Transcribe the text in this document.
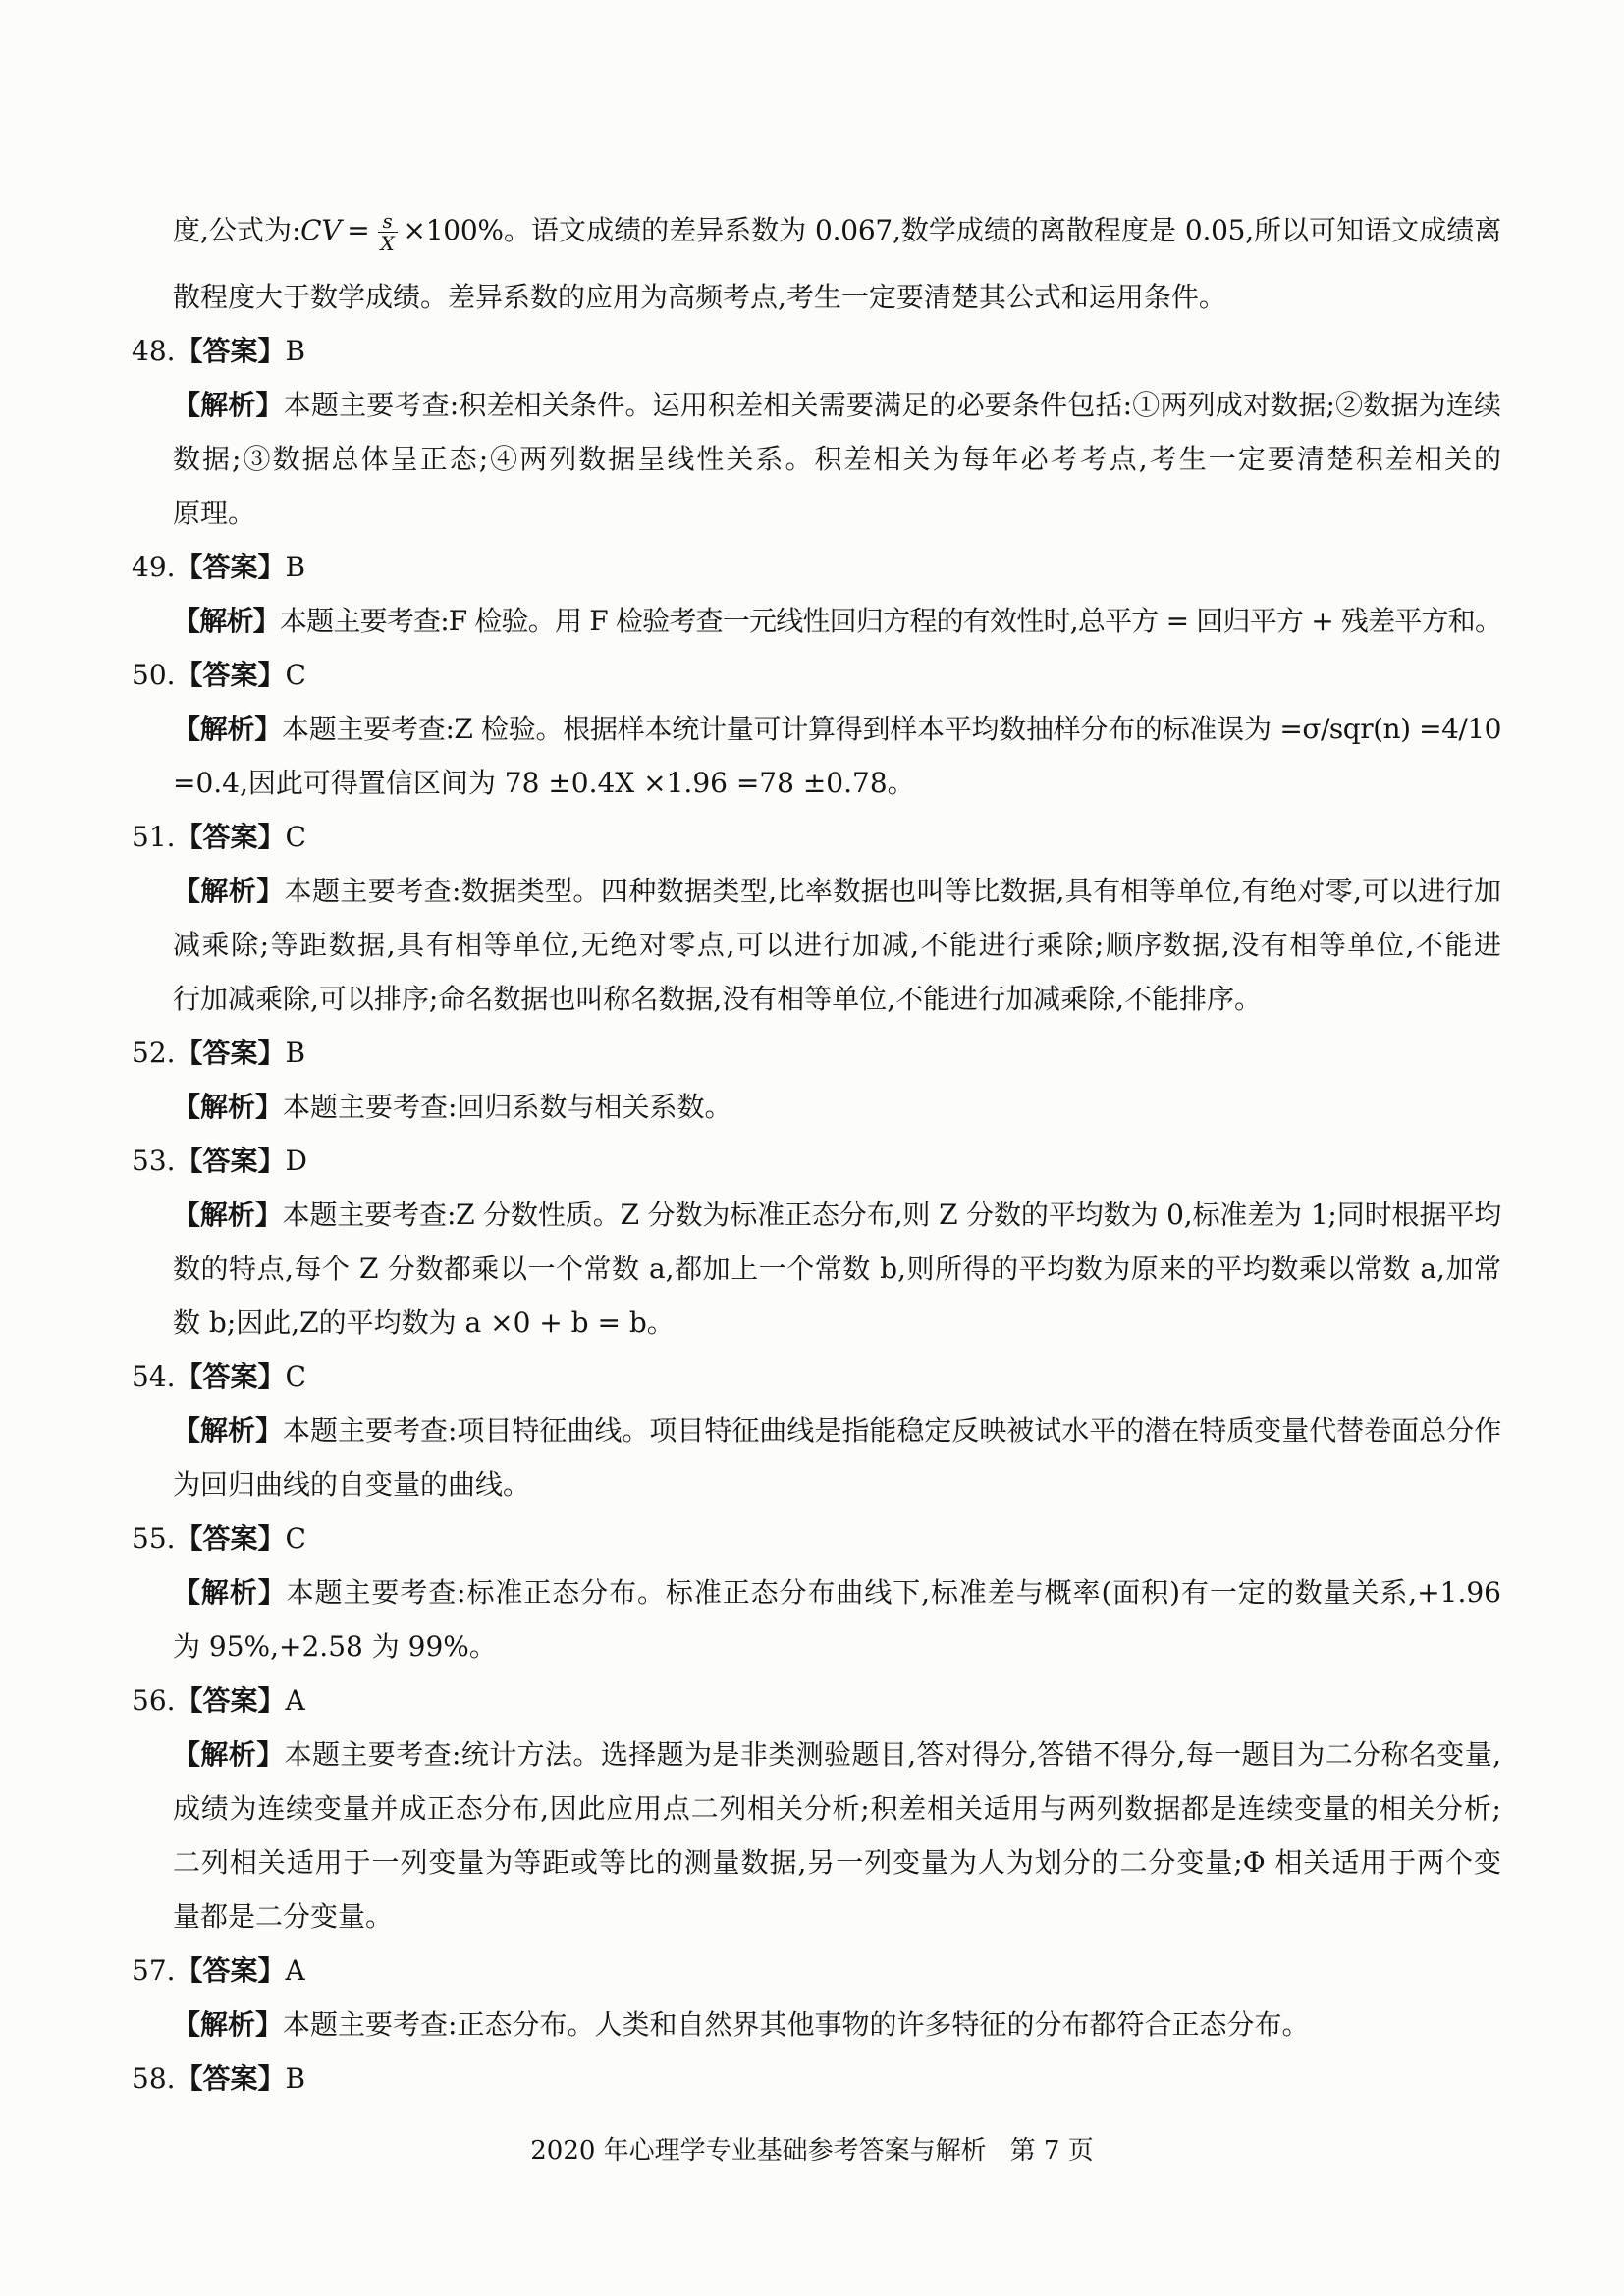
度,公式为:CV = $\frac{s}{X} \times 100\%$。语文成绩的差异系数为 0.067,数学成绩的离散程度是 0.05,所以可知语文成绩离
散程度大于数学成绩。差异系数的应用为高频考点,考生一定要清楚其公式和运用条件。
48.【答案】B
【解析】本题主要考查:积差相关条件。运用积差相关需要满足的必要条件包括:①两列成对数据;②数据为连续
数据;③数据总体呈正态;④两列数据呈线性关系。积差相关为每年必考考点,考生一定要清楚积差相关的
原理。
49.【答案】B
【解析】本题主要考查:F 检验。用 F 检验考查一元线性回归方程的有效性时,总平方 = 回归平方 + 残差平方和。
50.【答案】C
【解析】本题主要考查:Z 检验。根据样本统计量可计算得到样本平均数抽样分布的标准误为 =σ/sqr(n) =4/10
=0.4,因此可得置信区间为 78 ±0.4X ×1.96 =78 ±0.78。
51.【答案】C
【解析】本题主要考查:数据类型。四种数据类型,比率数据也叫等比数据,具有相等单位,有绝对零,可以进行加
减乘除;等距数据,具有相等单位,无绝对零点,可以进行加减,不能进行乘除;顺序数据,没有相等单位,不能进
行加减乘除,可以排序;命名数据也叫称名数据,没有相等单位,不能进行加减乘除,不能排序。
52.【答案】B
【解析】本题主要考查:回归系数与相关系数。
53.【答案】D
【解析】本题主要考查:Z 分数性质。Z 分数为标准正态分布,则 Z 分数的平均数为 0,标准差为 1;同时根据平均
数的特点,每个 Z 分数都乘以一个常数 a,都加上一个常数 b,则所得的平均数为原来的平均数乘以常数 a,加常
数 b;因此,Z的平均数为 a ×0 + b = b。
54.【答案】C
【解析】本题主要考查:项目特征曲线。项目特征曲线是指能稳定反映被试水平的潜在特质变量代替卷面总分作
为回归曲线的自变量的曲线。
55.【答案】C
【解析】本题主要考查:标准正态分布。标准正态分布曲线下,标准差与概率(面积)有一定的数量关系,+1.96
为 95%,+2.58 为 99%。
56.【答案】A
【解析】本题主要考查:统计方法。选择题为是非类测验题目,答对得分,答错不得分,每一题目为二分称名变量,
成绩为连续变量并成正态分布,因此应用点二列相关分析;积差相关适用与两列数据都是连续变量的相关分析;
二列相关适用于一列变量为等距或等比的测量数据,另一列变量为人为划分的二分变量;Φ 相关适用于两个变
量都是二分变量。
57.【答案】A
【解析】本题主要考查:正态分布。人类和自然界其他事物的许多特征的分布都符合正态分布。
58.【答案】B
2020 年心理学专业基础参考答案与解析 第 7 页
